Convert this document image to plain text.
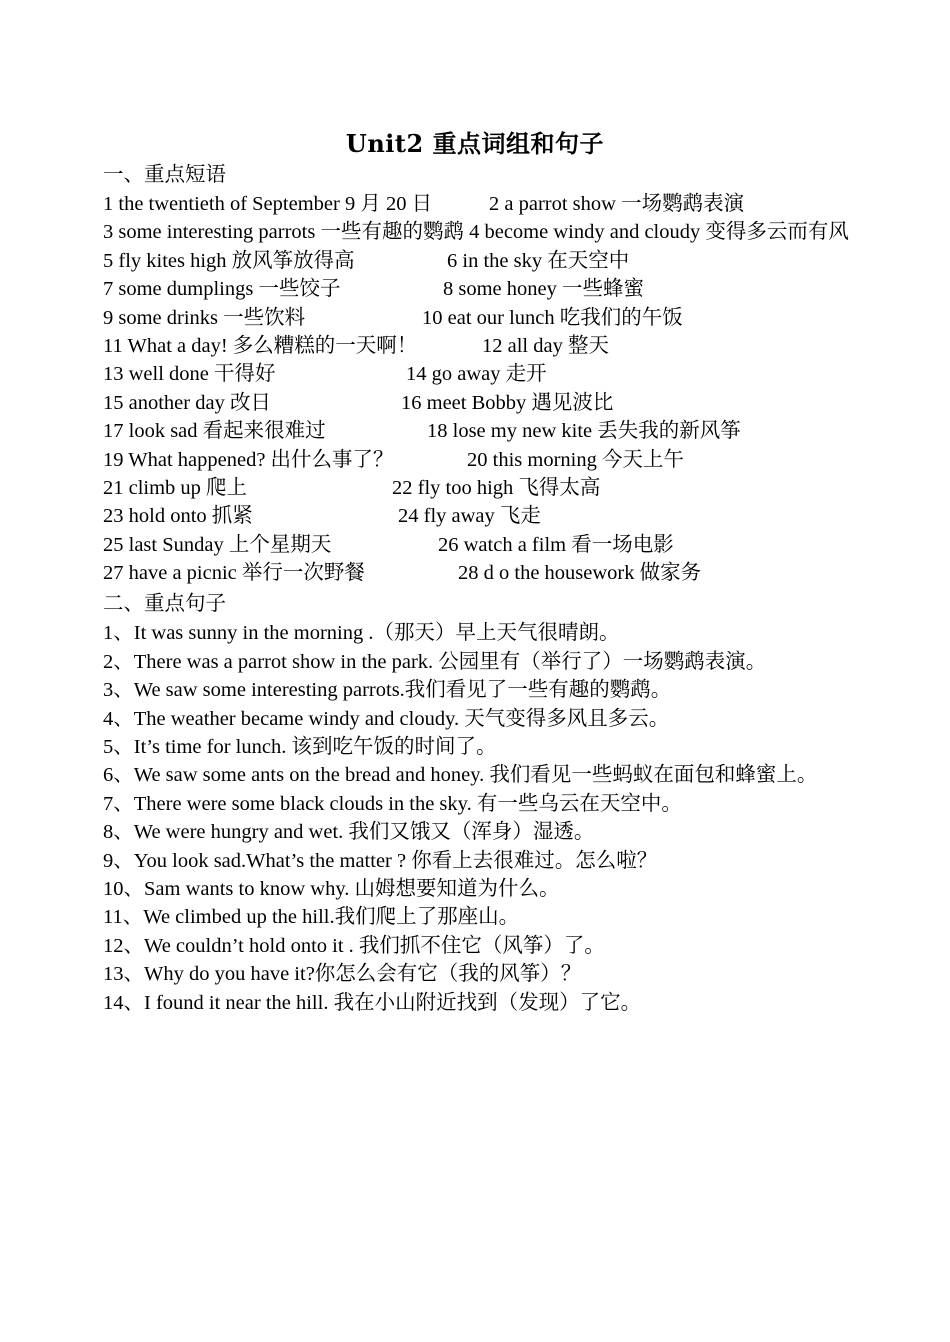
Unit2 重点词组和句子
一、重点短语
1 the twentieth of September 9 月 20 日	2 a parrot show 一场鹦鹉表演
3 some interesting parrots 一些有趣的鹦鹉 4 become windy and cloudy 变得多云而有风
5 fly kites high 放风筝放得高	6 in the sky 在天空中
7 some dumplings 一些饺子	8 some honey 一些蜂蜜
9 some drinks 一些饮料	10 eat our lunch 吃我们的午饭
11 What a day! 多么糟糕的一天啊！	12 all day 整天
13 well done 干得好	14 go away 走开
15 another day 改日	16 meet Bobby 遇见波比
17 look sad 看起来很难过	18 lose my new kite 丢失我的新风筝
19 What happened? 出什么事了？	20 this morning 今天上午
21 climb up 爬上	22 fly too high 飞得太高
23 hold onto 抓紧	24 fly away 飞走
25 last Sunday 上个星期天	26 watch a film 看一场电影
27 have a picnic 举行一次野餐	28 d o the housework 做家务
二、重点句子
1、It was sunny in the morning .（那天）早上天气很晴朗。
2、There was a parrot show in the park. 公园里有（举行了）一场鹦鹉表演。
3、We saw some interesting parrots.我们看见了一些有趣的鹦鹉。
4、The weather became windy and cloudy. 天气变得多风且多云。
5、It’s time for lunch. 该到吃午饭的时间了。
6、We saw some ants on the bread and honey. 我们看见一些蚂蚁在面包和蜂蜜上。
7、There were some black clouds in the sky. 有一些乌云在天空中。
8、We were hungry and wet. 我们又饿又（浑身）湿透。
9、You look sad.What’s the matter ? 你看上去很难过。怎么啦？
10、Sam wants to know why. 山姆想要知道为什么。
11、We climbed up the hill.我们爬上了那座山。
12、We couldn’t hold onto it . 我们抓不住它（风筝）了。
13、Why do you have it?你怎么会有它（我的风筝）？
14、I found it near the hill. 我在小山附近找到（发现）了它。
